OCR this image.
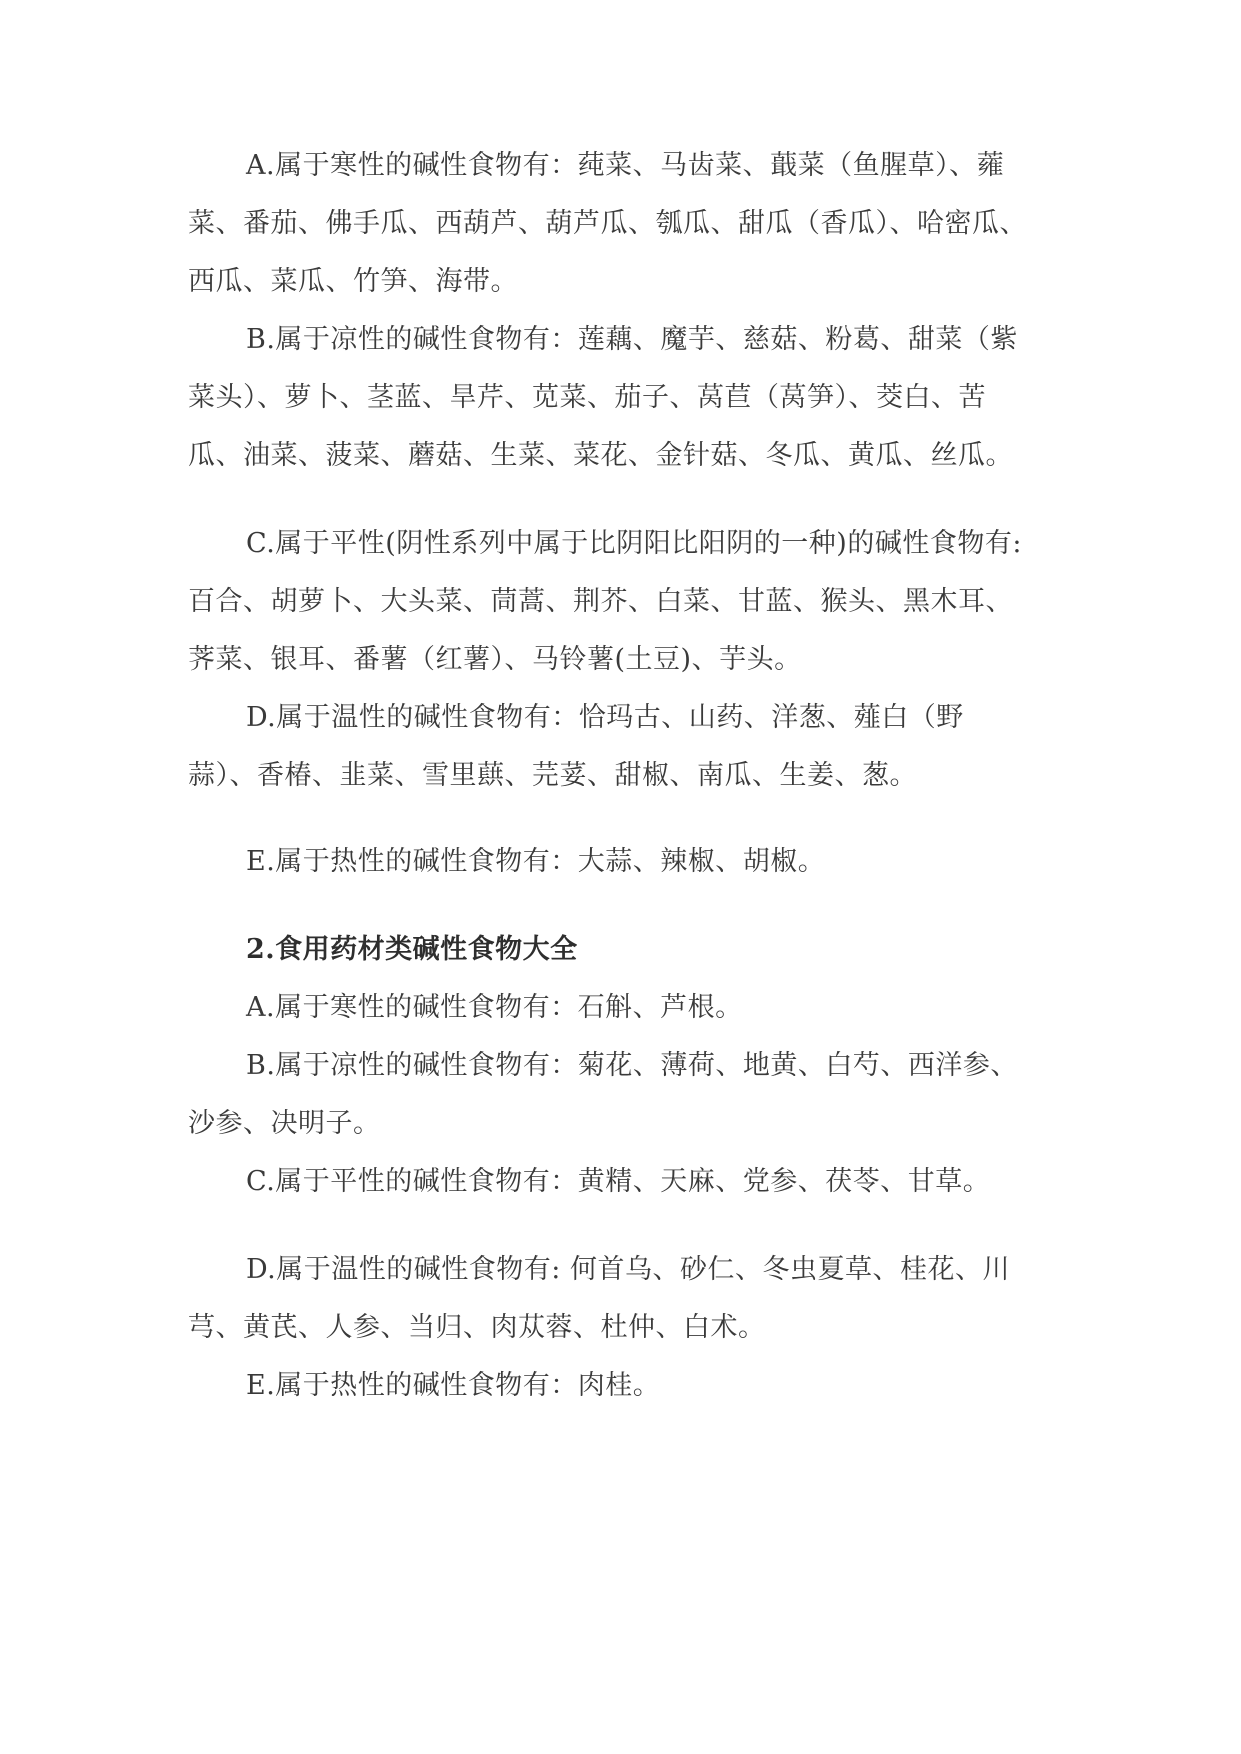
A.属于寒性的碱性食物有：莼菜、马齿菜、蕺菜（鱼腥草）、蕹
菜、番茄、佛手瓜、西葫芦、葫芦瓜、瓠瓜、甜瓜（香瓜）、哈密瓜、
西瓜、菜瓜、竹笋、海带。
B.属于凉性的碱性食物有：莲藕、魔芋、慈菇、粉葛、甜菜（紫
菜头）、萝卜、茎蓝、旱芹、苋菜、茄子、莴苣（莴笋）、茭白、苦
瓜、油菜、菠菜、蘑菇、生菜、菜花、金针菇、冬瓜、黄瓜、丝瓜。
C.属于平性(阴性系列中属于比阴阳比阳阴的一种)的碱性食物有:
百合、胡萝卜、大头菜、茼蒿、荆芥、白菜、甘蓝、猴头、黑木耳、
荠菜、银耳、番薯（红薯）、马铃薯(土豆)、芋头。
D.属于温性的碱性食物有：恰玛古、山药、洋葱、薤白（野
蒜）、香椿、韭菜、雪里蕻、芫荽、甜椒、南瓜、生姜、葱。
E.属于热性的碱性食物有：大蒜、辣椒、胡椒。
2.食用药材类碱性食物大全
A.属于寒性的碱性食物有：石斛、芦根。
B.属于凉性的碱性食物有：菊花、薄荷、地黄、白芍、西洋参、
沙参、决明子。
C.属于平性的碱性食物有：黄精、天麻、党参、茯苓、甘草。
D.属于温性的碱性食物有: 何首乌、砂仁、冬虫夏草、桂花、川
芎、黄芪、人参、当归、肉苁蓉、杜仲、白术。
E.属于热性的碱性食物有：肉桂。
